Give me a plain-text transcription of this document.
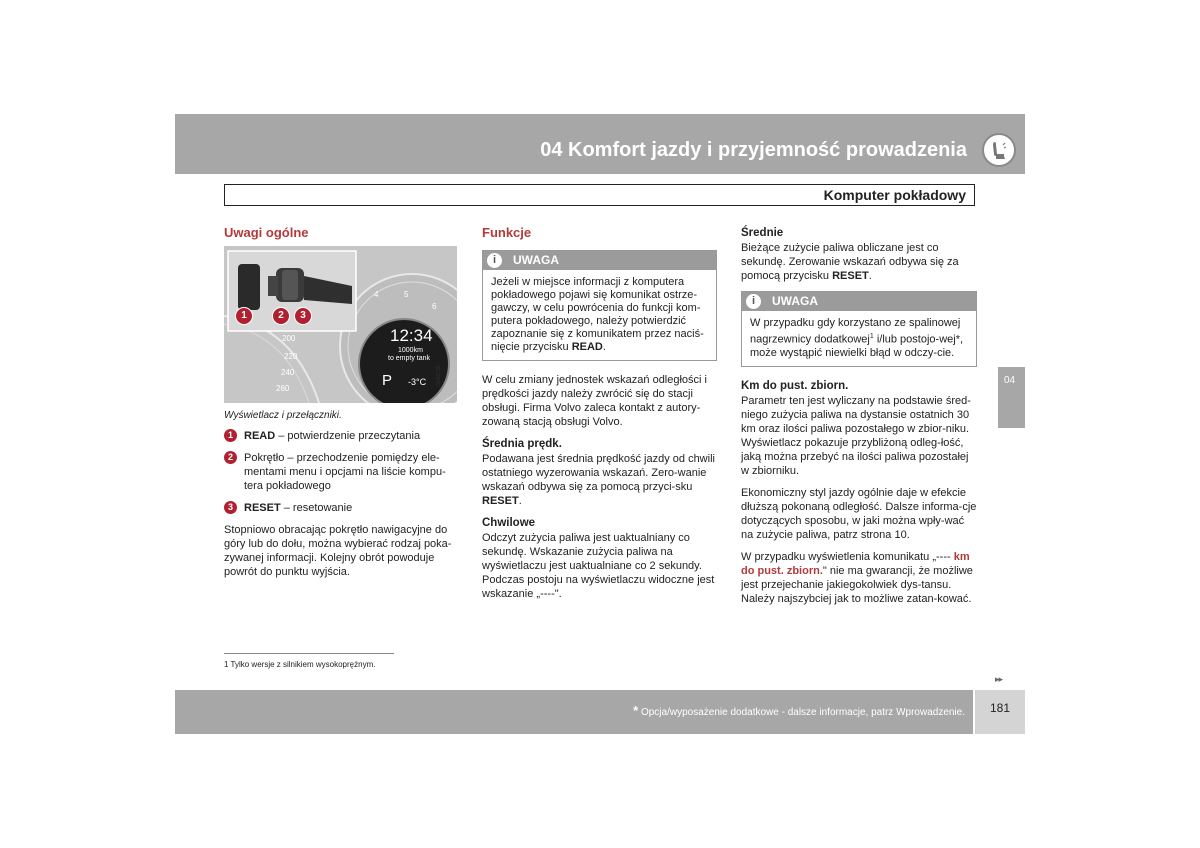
04 Komfort jazdy i przyjemność prowadzenia
Komputer pokładowy
04
Uwagi ogólne
1	2	3
200
220
240
260
4	5
6
12:34
1000km
to empty tank
P -3°C G020736

Wyświetlacz i przełączniki.

1	READ – potwierdzenie przeczytania
2	Pokrętło – przechodzenie pomiędzy ele-mentami menu i opcjami na liście kompu-tera pokładowego
3	RESET – resetowanie

Stopniowo obracając pokrętło nawigacyjne do góry lub do dołu, można wybierać rodzaj poka-zywanej informacji. Kolejny obrót powoduje powrót do punktu wyjścia.

Funkcje
i	UWAGA
Jeżeli w miejsce informacji z komputera pokładowego pojawi się komunikat ostrze-gawczy, w celu powrócenia do funkcji kom-putera pokładowego, należy potwierdzić zapoznanie się z komunikatem przez naciś-nięcie przycisku READ.

W celu zmiany jednostek wskazań odległości i prędkości jazdy należy zwrócić się do stacji obsługi. Firma Volvo zaleca kontakt z autory-zowaną stacją obsługi Volvo.

Średnia prędk.

Podawana jest średnia prędkość jazdy od chwili ostatniego wyzerowania wskazań. Zero-wanie wskazań odbywa się za pomocą przyci-sku RESET.

Chwilowe

Odczyt zużycia paliwa jest uaktualniany co sekundę. Wskazanie zużycia paliwa na wyświetlaczu jest uaktualniane co 2 sekundy. Podczas postoju na wyświetlaczu widoczne jest wskazanie „----".

Średnie

Bieżące zużycie paliwa obliczane jest co sekundę. Zerowanie wskazań odbywa się za pomocą przycisku RESET.

i	UWAGA
W przypadku gdy korzystano ze spalinowej nagrzewnicy dodatkowej$^1$ i/lub postojo-wej*, może wystąpić niewielki błąd w odczy-cie.
Km do pust. zbiorn.

Parametr ten jest wyliczany na podstawie śred-niego zużycia paliwa na dystansie ostatnich 30 km oraz ilości paliwa pozostałego w zbior-niku. Wyświetlacz pokazuje przybliżoną odleg-łość, jaką można przebyć na ilości paliwa pozostałej w zbiorniku.

Ekonomiczny styl jazdy ogólnie daje w efekcie dłuższą pokonaną odległość. Dalsze informa-cje dotyczących sposobu, w jaki można wpły-wać na zużycie paliwa, patrz strona 10.

W przypadku wyświetlenia komunikatu „---- km do pust. zbiorn." nie ma gwarancji, że możliwe jest przejechanie jakiegokolwiek dys-tansu. Należy najszybciej jak to możliwe zatan-kować.

1 Tylko wersje z silnikiem wysokoprężnym.
▸▸
* Opcja/wyposażenie dodatkowe - dalsze informacje, patrz Wprowadzenie.	181
